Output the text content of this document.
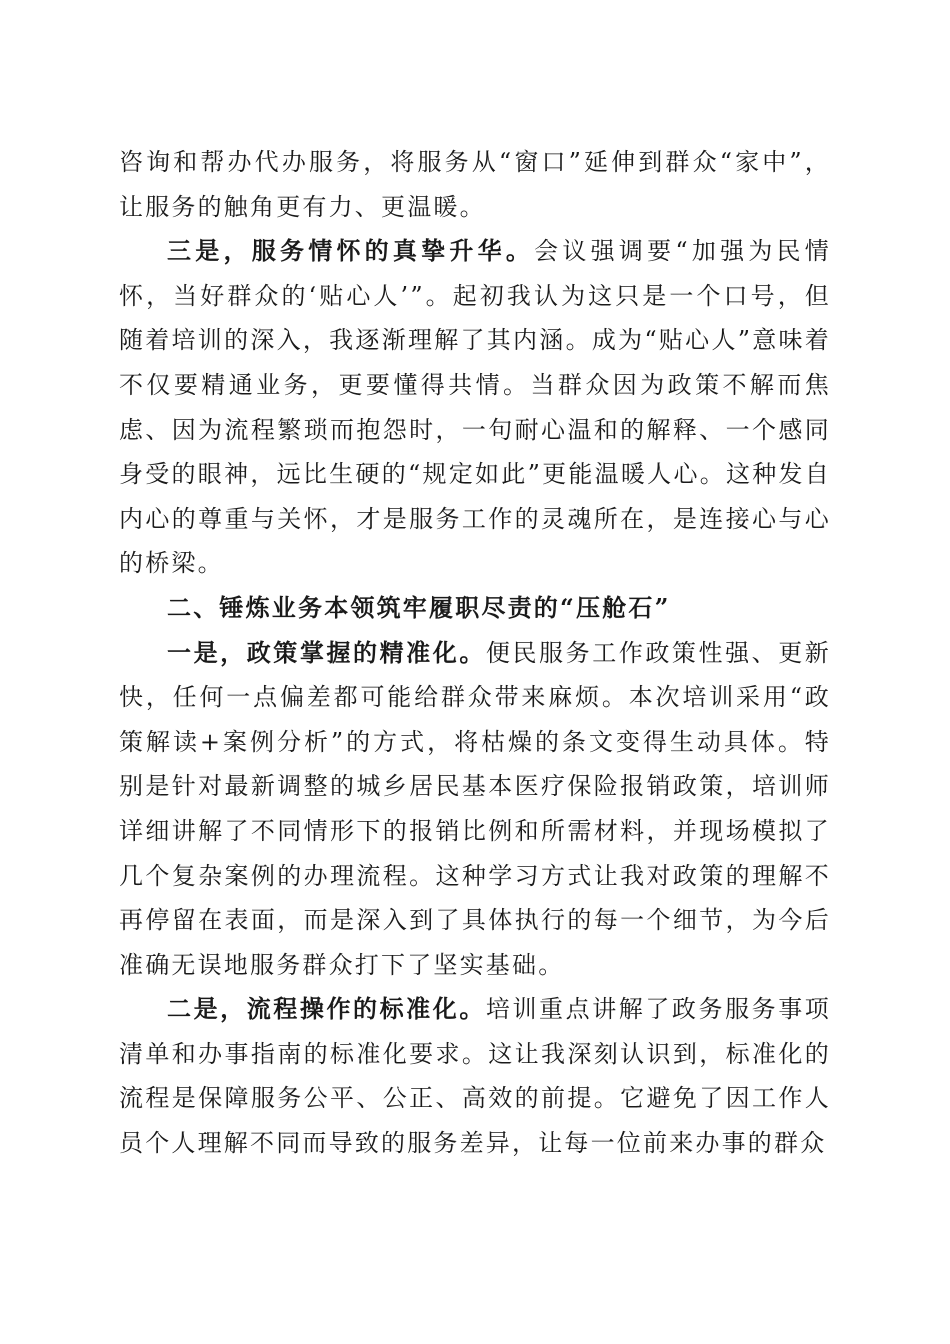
咨询和帮办代办服务，将服务从“窗口”延伸到群众“家中”，让服务的触角更有力、更温暖。

三是，服务情怀的真挚升华。会议强调要“加强为民情怀，当好群众的‘贴心人’”。起初我认为这只是一个口号，但随着培训的深入，我逐渐理解了其内涵。成为“贴心人”意味着不仅要精通业务，更要懂得共情。当群众因为政策不解而焦虑、因为流程繁琐而抱怨时，一句耐心温和的解释、一个感同身受的眼神，远比生硬的“规定如此”更能温暖人心。这种发自内心的尊重与关怀，才是服务工作的灵魂所在，是连接心与心的桥梁。

二、锤炼业务本领筑牢履职尽责的“压舱石”

一是，政策掌握的精准化。便民服务工作政策性强、更新快，任何一点偏差都可能给群众带来麻烦。本次培训采用“政策解读+案例分析”的方式，将枯燥的条文变得生动具体。特别是针对最新调整的城乡居民基本医疗保险报销政策，培训师详细讲解了不同情形下的报销比例和所需材料，并现场模拟了几个复杂案例的办理流程。这种学习方式让我对政策的理解不再停留在表面，而是深入到了具体执行的每一个细节，为今后准确无误地服务群众打下了坚实基础。

二是，流程操作的标准化。培训重点讲解了政务服务事项清单和办事指南的标准化要求。这让我深刻认识到，标准化的流程是保障服务公平、公正、高效的前提。它避免了因工作人员个人理解不同而导致的服务差异，让每一位前来办事的群众
